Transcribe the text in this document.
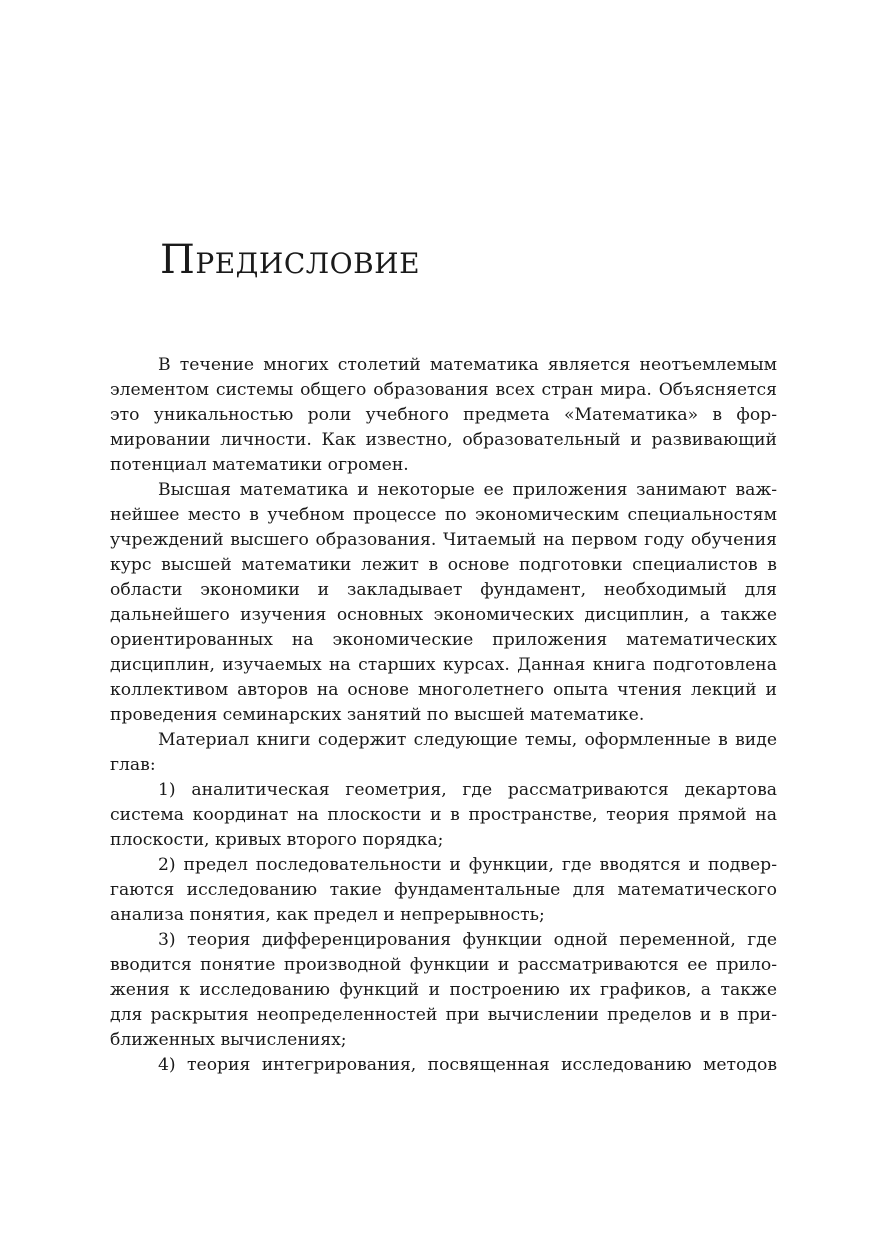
Предисловие

В течение многих столетий математика является неотъемлемым элементом системы общего образования всех стран мира. Объясняется это уникальностью роли учебного предмета «Математика» в формировании личности. Как известно, образовательный и развивающий потенциал математики огромен.

Высшая математика и некоторые ее приложения занимают важнейшее место в учебном процессе по экономическим специальностям учреждений высшего образования. Читаемый на первом году обучения курс высшей математики лежит в основе подготовки специалистов в области экономики и закладывает фундамент, необходимый для дальнейшего изучения основных экономических дисциплин, а также ориентированных на экономические приложения математических дисциплин, изучаемых на старших курсах. Данная книга подготовлена коллективом авторов на основе многолетнего опыта чтения лекций и проведения семинарских занятий по высшей математике.

Материал книги содержит следующие темы, оформленные в виде глав:

1) аналитическая геометрия, где рассматриваются декартова система координат на плоскости и в пространстве, теория прямой на плоскости, кривых второго порядка;

2) предел последовательности и функции, где вводятся и подвергаются исследованию такие фундаментальные для математического анализа понятия, как предел и непрерывность;

3) теория дифференцирования функции одной переменной, где вводится понятие производной функции и рассматриваются ее приложения к исследованию функций и построению их графиков, а также для раскрытия неопределенностей при вычислении пределов и в приближенных вычислениях;

4) теория интегрирования, посвященная исследованию методов
